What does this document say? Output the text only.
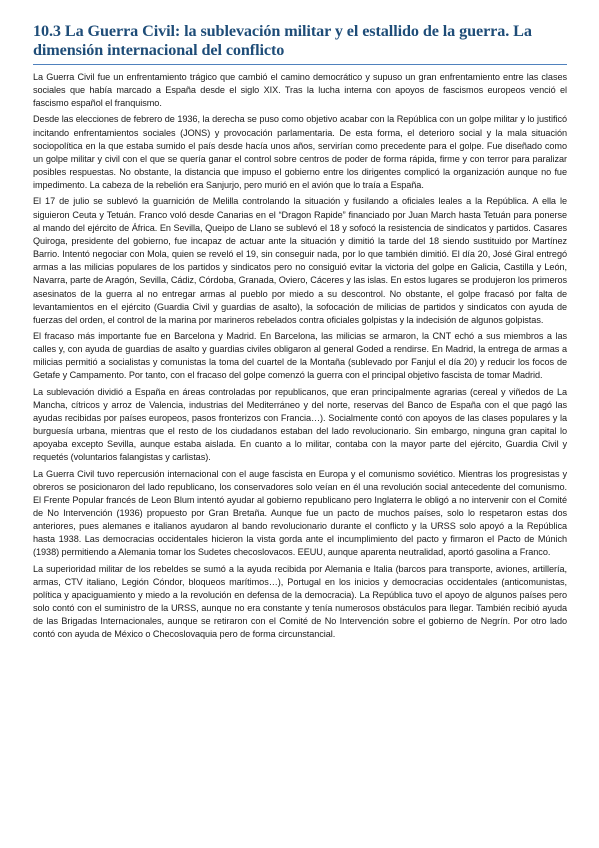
10.3 La Guerra Civil: la sublevación militar y el estallido de la guerra. La dimensión internacional del conflicto

La Guerra Civil fue un enfrentamiento trágico que cambió el camino democrático y supuso un gran enfrentamiento entre las clases sociales que había marcado a España desde el siglo XIX. Tras la lucha interna con apoyos de fascismos europeos venció el fascismo español el franquismo.

Desde las elecciones de febrero de 1936, la derecha se puso como objetivo acabar con la República con un golpe militar y lo justificó incitando enfrentamientos sociales (JONS) y provocación parlamentaria. De esta forma, el deterioro social y la mala situación sociopolítica en la que estaba sumido el país desde hacía unos años, servirían como precedente para el golpe. Fue diseñado como un golpe militar y civil con el que se quería ganar el control sobre centros de poder de forma rápida, firme y con terror para paralizar posibles respuestas. No obstante, la distancia que impuso el gobierno entre los dirigentes complicó la organización aunque no fue impedimento. La cabeza de la rebelión era Sanjurjo, pero murió en el avión que lo traía a España.

El 17 de julio se sublevó la guarnición de Melilla controlando la situación y fusilando a oficiales leales a la República. A ella le siguieron Ceuta y Tetuán. Franco voló desde Canarias en el “Dragon Rapide” financiado por Juan March hasta Tetuán para ponerse al mando del ejército de África. En Sevilla, Queipo de Llano se sublevó el 18 y sofocó la resistencia de sindicatos y partidos. Casares Quiroga, presidente del gobierno, fue incapaz de actuar ante la situación y dimitió la tarde del 18 siendo sustituido por Martínez Barrio. Intentó negociar con Mola, quien se reveló el 19, sin conseguir nada, por lo que también dimitió. El día 20, José Giral entregó armas a las milicias populares de los partidos y sindicatos pero no consiguió evitar la victoria del golpe en Galicia, Castilla y León, Navarra, parte de Aragón, Sevilla, Cádiz, Córdoba, Granada, Oviero, Cáceres y las islas. En estos lugares se produjeron los primeros asesinatos de la guerra al no entregar armas al pueblo por miedo a su descontrol. No obstante, el golpe fracasó por falta de levantamientos en el ejército (Guardia Civil y guardias de asalto), la sofocación de milicias de partidos y sindicatos con ayuda de fuerzas del orden, el control de la marina por marineros rebelados contra oficiales golpistas y la indecisión de algunos golpistas.

El fracaso más importante fue en Barcelona y Madrid. En Barcelona, las milicias se armaron, la CNT echó a sus miembros a las calles y, con ayuda de guardias de asalto y guardias civiles obligaron al general Goded a rendirse. En Madrid, la entrega de armas a milicias permitió a socialistas y comunistas la toma del cuartel de la Montaña (sublevado por Fanjul el día 20) y reducir los focos de Getafe y Campamento. Por tanto, con el fracaso del golpe comenzó la guerra con el principal objetivo fascista de tomar Madrid.

La sublevación dividió a España en áreas controladas por republicanos, que eran principalmente agrarias (cereal y viñedos de La Mancha, cítricos y arroz de Valencia, industrias del Mediterráneo y del norte, reservas del Banco de España con el que pagó las ayudas recibidas por países europeos, pasos fronterizos con Francia…). Socialmente contó con apoyos de las clases populares y la burguesía urbana, mientras que el resto de los ciudadanos estaban del lado revolucionario. Sin embargo, ninguna gran capital lo apoyaba excepto Sevilla, aunque estaba aislada. En cuanto a lo militar, contaba con la mayor parte del ejército, Guardia Civil y requetés (voluntarios falangistas y carlistas).

La Guerra Civil tuvo repercusión internacional con el auge fascista en Europa y el comunismo soviético. Mientras los progresistas y obreros se posicionaron del lado republicano, los conservadores solo veían en él una revolución social antecedente del comunismo. El Frente Popular francés de Leon Blum intentó ayudar al gobierno republicano pero Inglaterra le obligó a no intervenir con el Comité de No Intervención (1936) propuesto por Gran Bretaña. Aunque fue un pacto de muchos países, solo lo respetaron estas dos anteriores, pues alemanes e italianos ayudaron al bando revolucionario durante el conflicto y la URSS solo apoyó a la República hasta 1938. Las democracias occidentales hicieron la vista gorda ante el incumplimiento del pacto y firmaron el Pacto de Múnich (1938) permitiendo a Alemania tomar los Sudetes checoslovacos. EEUU, aunque aparenta neutralidad, aportó gasolina a Franco.

La superioridad militar de los rebeldes se sumó a la ayuda recibida por Alemania e Italia (barcos para transporte, aviones, artillería, armas, CTV italiano, Legión Cóndor, bloqueos marítimos…), Portugal en los inicios y democracias occidentales (anticomunistas, política y apaciguamiento y miedo a la revolución en defensa de la democracia). La República tuvo el apoyo de algunos países pero solo contó con el suministro de la URSS, aunque no era constante y tenía numerosos obstáculos para llegar. También recibió ayuda de las Brigadas Internacionales, aunque se retiraron con el Comité de No Intervención sobre el gobierno de Negrín. Por otro lado contó con ayuda de México o Checoslovaquia pero de forma circunstancial.
